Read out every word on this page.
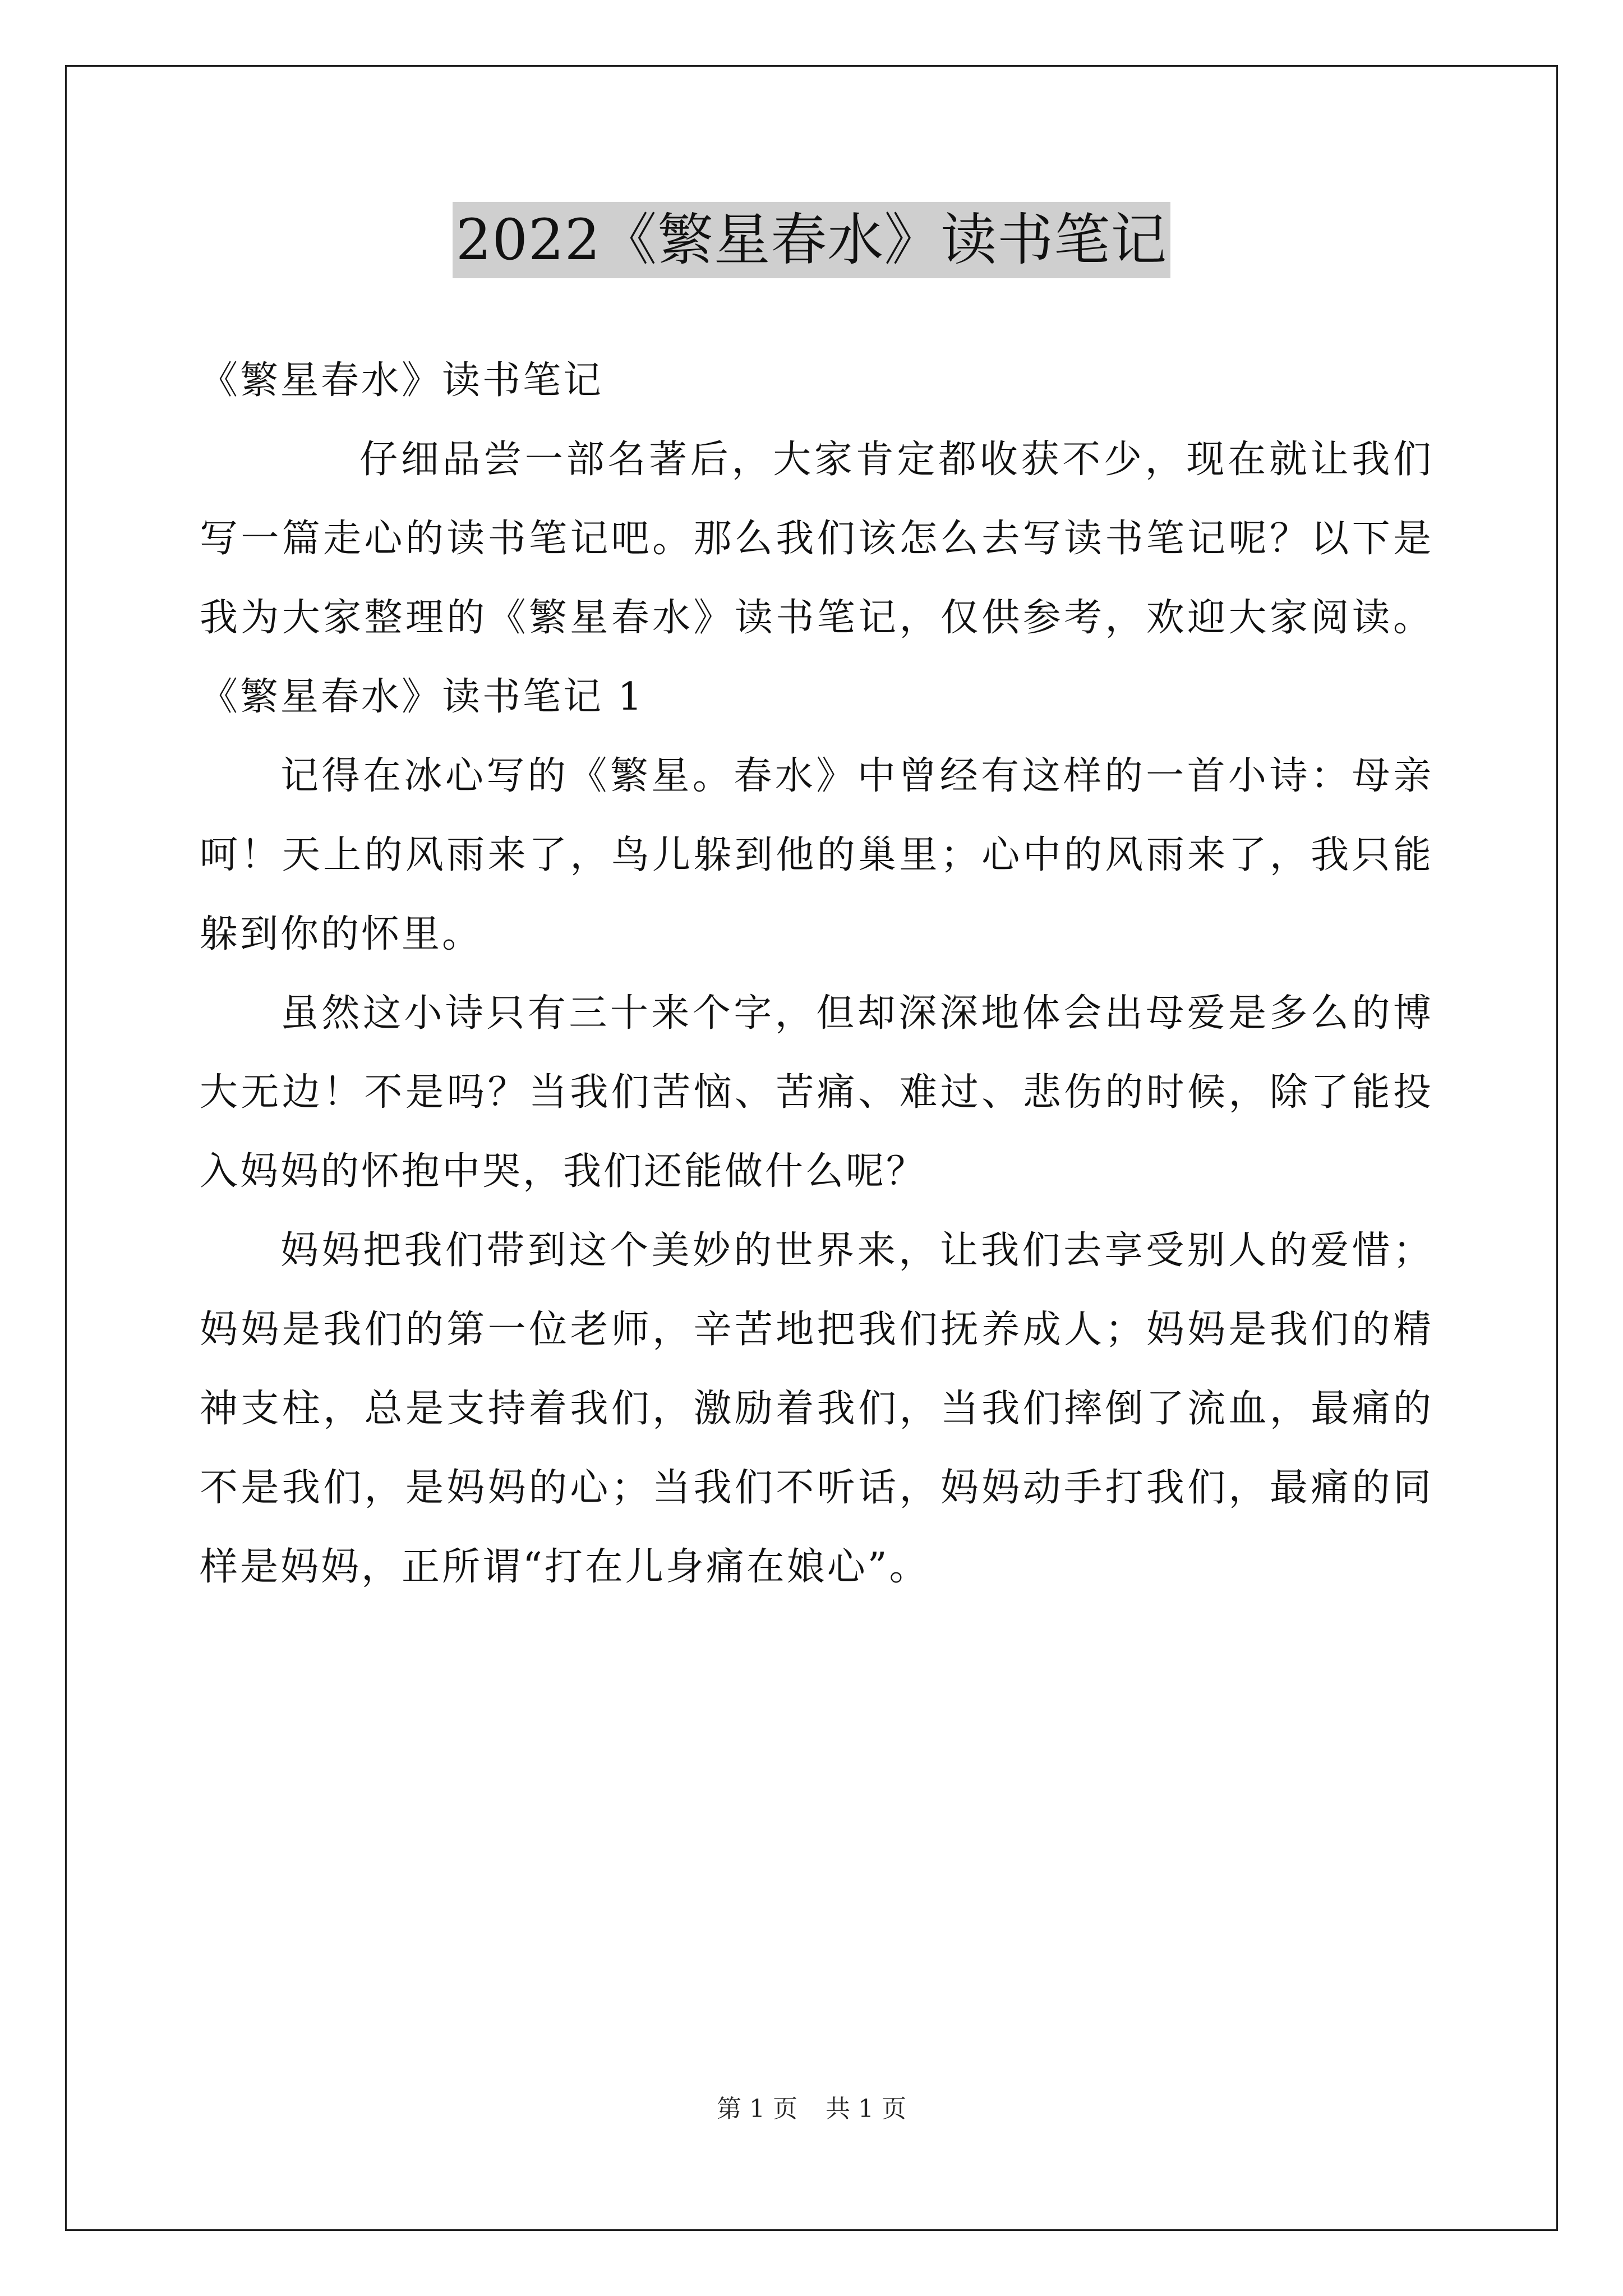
2022《繁星春水》读书笔记
《繁星春水》读书笔记
仔细品尝一部名著后，大家肯定都收获不少，现在就让我们
写一篇走心的读书笔记吧。那么我们该怎么去写读书笔记呢？以下是
我为大家整理的《繁星春水》读书笔记，仅供参考，欢迎大家阅读。
《繁星春水》读书笔记 1
记得在冰心写的《繁星。春水》中曾经有这样的一首小诗：母亲
呵！天上的风雨来了，鸟儿躲到他的巢里；心中的风雨来了，我只能
躲到你的怀里。
虽然这小诗只有三十来个字，但却深深地体会出母爱是多么的博
大无边！不是吗？当我们苦恼、苦痛、难过、悲伤的时候，除了能投
入妈妈的怀抱中哭，我们还能做什么呢？
妈妈把我们带到这个美妙的世界来，让我们去享受别人的爱惜；
妈妈是我们的第一位老师，辛苦地把我们抚养成人；妈妈是我们的精
神支柱，总是支持着我们，激励着我们，当我们摔倒了流血，最痛的
不是我们，是妈妈的心；当我们不听话，妈妈动手打我们，最痛的同
样是妈妈，正所谓“打在儿身痛在娘心”。
第 1 页 共 1 页
